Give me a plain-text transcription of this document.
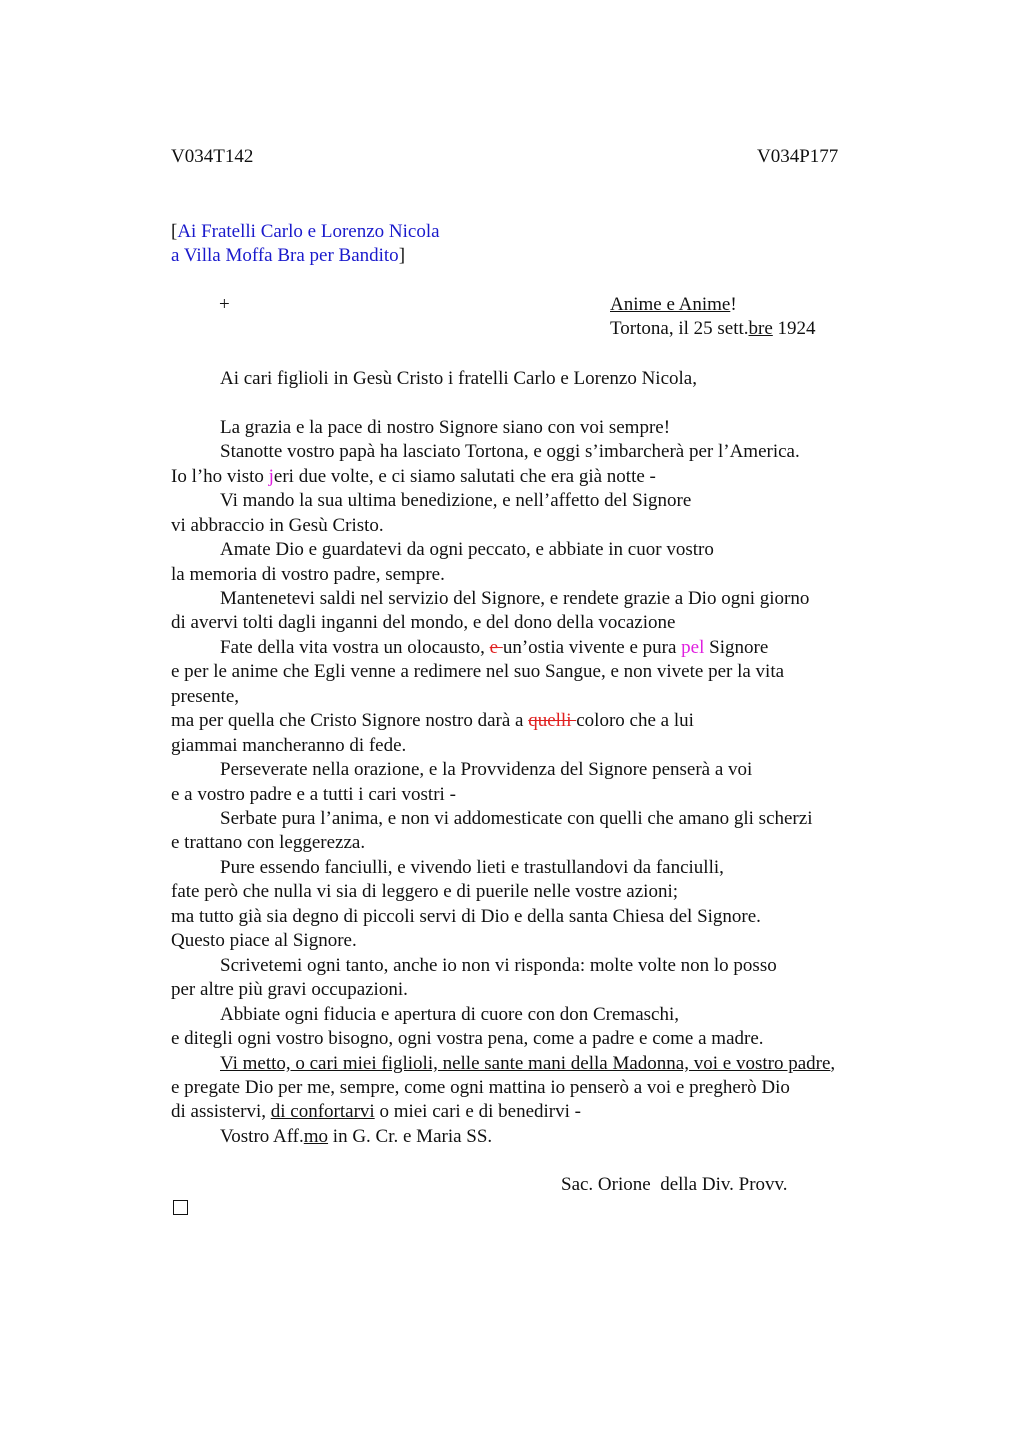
V034T142	V034P177
[Ai Fratelli Carlo e Lorenzo Nicola
a Villa Moffa Bra per Bandito]
+	Anime e Anime!
Tortona, il 25 sett.bre 1924
Ai cari figlioli in Gesù Cristo i fratelli Carlo e Lorenzo Nicola,
La grazia e la pace di nostro Signore siano con voi sempre!
Stanotte vostro papà ha lasciato Tortona, e oggi s’imbarcherà per l’America.
Io l’ho visto jeri due volte, e ci siamo salutati che era già notte -
Vi mando la sua ultima benedizione, e nell’affetto del Signore
vi abbraccio in Gesù Cristo.
Amate Dio e guardatevi da ogni peccato, e abbiate in cuor vostro
la memoria di vostro padre, sempre.
Mantenetevi saldi nel servizio del Signore, e rendete grazie a Dio ogni giorno
di avervi tolti dagli inganni del mondo, e del dono della vocazione
Fate della vita vostra un olocausto, e un’ostia vivente e pura pel Signore
e per le anime che Egli venne a redimere nel suo Sangue, e non vivete per la vita
presente,
ma per quella che Cristo Signore nostro darà a quelli coloro che a lui
giammai mancheranno di fede.
Perseverate nella orazione, e la Provvidenza del Signore penserà a voi
e a vostro padre e a tutti i cari vostri -
Serbate pura l’anima, e non vi addomesticate con quelli che amano gli scherzi
e trattano con leggerezza.
Pure essendo fanciulli, e vivendo lieti e trastullandovi da fanciulli,
fate però che nulla vi sia di leggero e di puerile nelle vostre azioni;
ma tutto già sia degno di piccoli servi di Dio e della santa Chiesa del Signore.
Questo piace al Signore.
Scrivetemi ogni tanto, anche io non vi risponda: molte volte non lo posso
per altre più gravi occupazioni.
Abbiate ogni fiducia e apertura di cuore con don Cremaschi,
e ditegli ogni vostro bisogno, ogni vostra pena, come a padre e come a madre.
Vi metto, o cari miei figlioli, nelle sante mani della Madonna, voi e vostro padre,
e pregate Dio per me, sempre, come ogni mattina io penserò a voi e pregherò Dio
di assistervi, di confortarvi o miei cari e di benedirvi -
Vostro Aff.mo in G. Cr. e Maria SS.
Sac. Orione  della Div. Provv.
